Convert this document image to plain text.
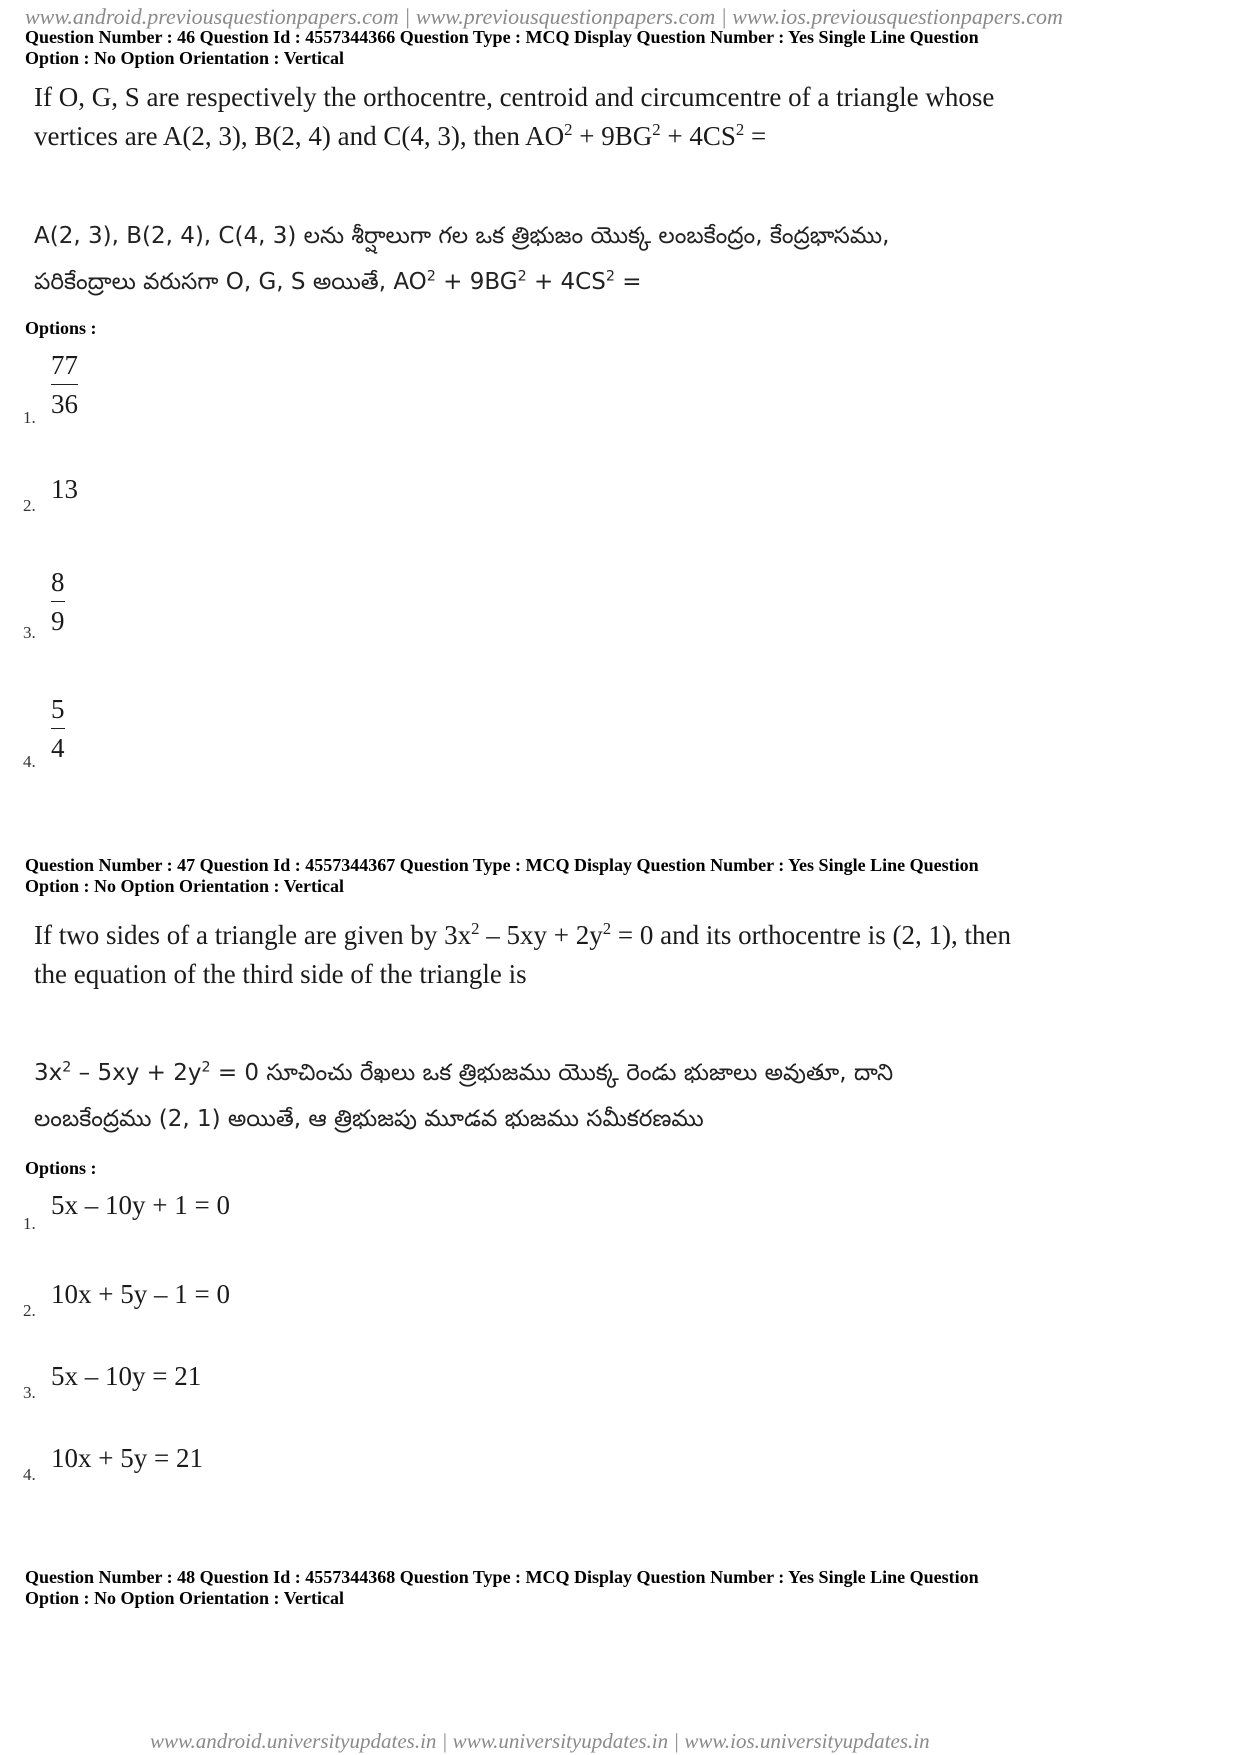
www.android.previousquestionpapers.com | www.previousquestionpapers.com | www.ios.previousquestionpapers.com
Question Number : 46 Question Id : 4557344366 Question Type : MCQ Display Question Number : Yes Single Line Question
Option : No Option Orientation : Vertical
If O, G, S are respectively the orthocentre, centroid and circumcentre of a triangle whose
vertices are A(2, 3), B(2, 4) and C(4, 3), then $AO^2 + 9BG^2 + 4CS^2$ =
A(2, 3), B(2, 4), C(4, 3) లను శీర్షాలుగా గల ఒక త్రిభుజం యొక్క లంబకేంద్రం, కేంద్రభాసము,
పరికేంద్రాలు వరుసగా O, G, S అయితే, $AO^2 + 9BG^2 + 4CS^2$ =
Options :
1.
77
36
2.
13
3.
8
9
4.
5
4
Question Number : 47 Question Id : 4557344367 Question Type : MCQ Display Question Number : Yes Single Line Question
Option : No Option Orientation : Vertical
If two sides of a triangle are given by $3x^2 - 5xy + 2y^2 = 0$ and its orthocentre is (2, 1), then
the equation of the third side of the triangle is
$3x^2 - 5xy + 2y^2 = 0$ సూచించు రేఖలు ఒక త్రిభుజము యొక్క రెండు భుజాలు అవుతూ, దాని
లంబకేంద్రము (2, 1) అయితే, ఆ త్రిభుజపు మూడవ భుజము సమీకరణము
Options :
1.
5x – 10y + 1 = 0
2.
10x + 5y – 1 = 0
3.
5x – 10y = 21
4.
10x + 5y = 21
Question Number : 48 Question Id : 4557344368 Question Type : MCQ Display Question Number : Yes Single Line Question
Option : No Option Orientation : Vertical
www.android.universityupdates.in | www.universityupdates.in | www.ios.universityupdates.in
